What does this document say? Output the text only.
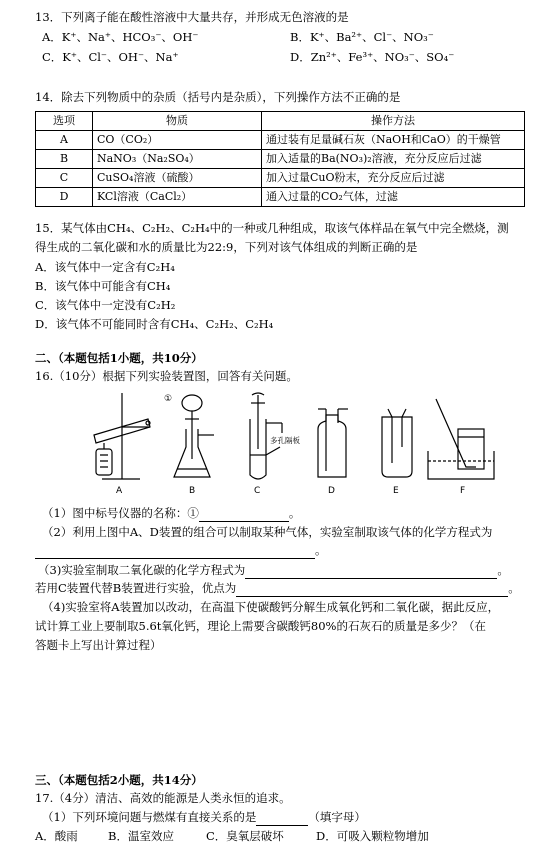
13．下列离子能在酸性溶液中大量共存，并形成无色溶液的是
A．K⁺、Na⁺、HCO₃⁻、OH⁻	B．K⁺、Ba²⁺、Cl⁻、NO₃⁻
C．K⁺、Cl⁻、OH⁻、Na⁺	D．Zn²⁺、Fe³⁺、NO₃⁻、SO₄⁻
14．除去下列物质中的杂质（括号内是杂质），下列操作方法不正确的是
选项	物质	操作方法
A	CO（CO₂）	通过装有足量碱石灰（NaOH和CaO）的干燥管
B	NaNO₃（Na₂SO₄）	加入适量的Ba(NO₃)₂溶液，充分反应后过滤
C	CuSO₄溶液（硫酸）	加入过量CuO粉末，充分反应后过滤
D	KCl溶液（CaCl₂）	通入过量的CO₂气体，过滤
15．某气体由CH₄、C₂H₂、C₂H₄中的一种或几种组成，取该气体样品在氧气中完全燃烧，测
得生成的二氧化碳和水的质量比为22:9，下列对该气体组成的判断正确的是
A．该气体中一定含有C₂H₄
B．该气体中可能含有CH₄
C．该气体中一定没有C₂H₂
D．该气体不可能同时含有CH₄、C₂H₂、C₂H₄
二、（本题包括1小题，共10分）
16.（10分）根据下列实验装置图，回答有关问题。
A
①
B
多孔隔板
C	D	E	F
（1）图中标号仪器的名称：①	。
（2）利用上图中A、D装置的组合可以制取某种气体，实验室制取该气体的化学方程式为
。
（3)实验室制取二氧化碳的化学方程式为	。
若用C装置代替B装置进行实验，优点为	。
（4)实验室将A装置加以改动，在高温下使碳酸钙分解生成氧化钙和二氧化碳，据此反应，
试计算工业上要制取5.6t氧化钙，理论上需要含碳酸钙80%的石灰石的质量是多少？（在
答题卡上写出计算过程）
三、（本题包括2小题，共14分）
17.（4分）清洁、高效的能源是人类永恒的追求。
（1）下列环境问题与燃煤有直接关系的是	（填字母）
A．酸雨	B．温室效应	C．臭氧层破坏	D．可吸入颗粒物增加
